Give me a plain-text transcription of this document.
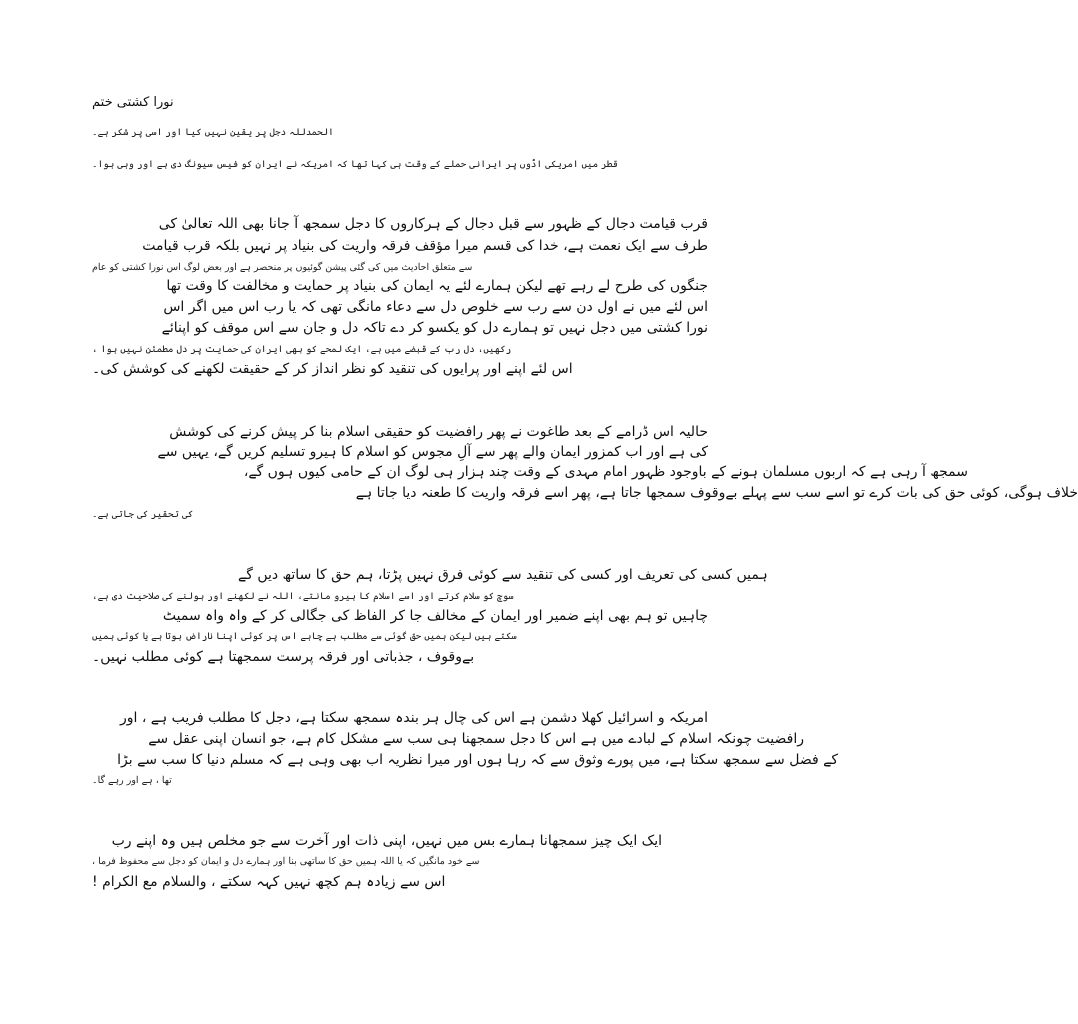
نورا کشتی ختم
الحمدللہ دجل پر یقین نہیں کیا اور اسی پر شکر ہے۔
قطر میں امریکی اڈوں پر ایرانی حملے کے وقت ہی کہا تھا کہ امریکہ نے ایران کو فیس سیونگ دی ہے اور وہی ہوا۔
قرب قیامت دجال کے ظہور سے قبل دجال کے ہرکاروں کا دجل سمجھ آ جانا بھی اللہ تعالیٰ کی
طرف سے ایک نعمت ہے، خدا کی قسم میرا مؤقف فرقہ واریت کی بنیاد پر نہیں بلکہ قرب قیامت
سے متعلق احادیث میں کی گئی پیشن گوئیوں پر منحصر ہے اور بعض لوگ اس نورا کشتی کو عام
جنگوں کی طرح لے رہے تھے لیکن ہمارے لئے یہ ایمان کی بنیاد پر حمایت و مخالفت کا وقت تھا
اس لئے میں نے اول دن سے رب سے خلوص دل سے دعاء مانگی تھی کہ یا رب اس میں اگر اس
نورا کشتی میں دجل نہیں تو ہمارے دل کو یکسو کر دے تاکہ دل و جان سے اس موقف کو اپنائے
رکھیں، دل رب کے قبضے میں ہے، ایک لمحے کو بھی ایران کی حمایت پر دل مطمئن نہیں ہوا ،
اس لئے اپنے اور پرایوں کی تنقید کو نظر انداز کر کے حقیقت لکھنے کی کوشش کی۔
حالیہ اس ڈرامے کے بعد طاغوت نے پھر رافضیت کو حقیقی اسلام بنا کر پیش کرنے کی کوشش
کی ہے اور اب کمزور ایمان والے پھر سے آلِ مجوس کو اسلام کا ہیرو تسلیم کریں گے، یہیں سے
سمجھ آ رہی ہے کہ اربوں مسلمان ہونے کے باوجود ظہور امام مہدی کے وقت چند ہزار ہی لوگ ان کے حامی کیوں ہوں گے،
خلاف ہوگی، کوئی حق کی بات کرے تو اسے سب سے پہلے بےوقوف سمجھا جاتا ہے، پھر اسے فرقہ واریت کا طعنہ دیا جاتا ہے
کی تحقیر کی جاتی ہے۔
ہمیں کسی کی تعریف اور کسی کی تنقید سے کوئی فرق نہیں پڑتا، ہم حق کا ساتھ دیں گے
سوچ کو سلام کرتے اور اسے اسلام کا ہیرو مانتے، اللہ نے لکھنے اور بولنے کی صلاحیت دی ہے،
چاہیں تو ہم بھی اپنے ضمیر اور ایمان کے مخالف جا کر الفاظ کی جگالی کر کے واہ واہ سمیٹ
سکتے ہیں لیکن ہمیں حق گوئی سے مطلب ہے چاہے اس پر کوئی اپنا ناراض ہوتا ہے یا کوئی ہمیں
بےوقوف ، جذباتی اور فرقہ پرست سمجھتا ہے کوئی مطلب نہیں۔
امریکہ و اسرائیل کھلا دشمن ہے اس کی چال ہر بندہ سمجھ سکتا ہے، دجل کا مطلب فریب ہے ، اور
رافضیت چونکہ اسلام کے لبادے میں ہے اس کا دجل سمجھنا ہی سب سے مشکل کام ہے، جو انسان اپنی عقل سے
کے فضل سے سمجھ سکتا ہے، میں پورے وثوق سے کہ رہا ہوں اور میرا نظریہ اب بھی وہی ہے کہ مسلم دنیا کا سب سے بڑا
تھا ، ہے اور رہے گا۔
ایک ایک چیز سمجھانا ہمارے بس میں نہیں، اپنی ذات اور آخرت سے جو مخلص ہیں وہ اپنے رب
سے خود مانگیں کہ یا اللہ ہمیں حق کا ساتھی بنا اور ہمارے دل و ایمان کو دجل سے محفوظ فرما ،
اس سے زیادہ ہم کچھ نہیں کہہ سکتے ، والسلام مع الکرام !
